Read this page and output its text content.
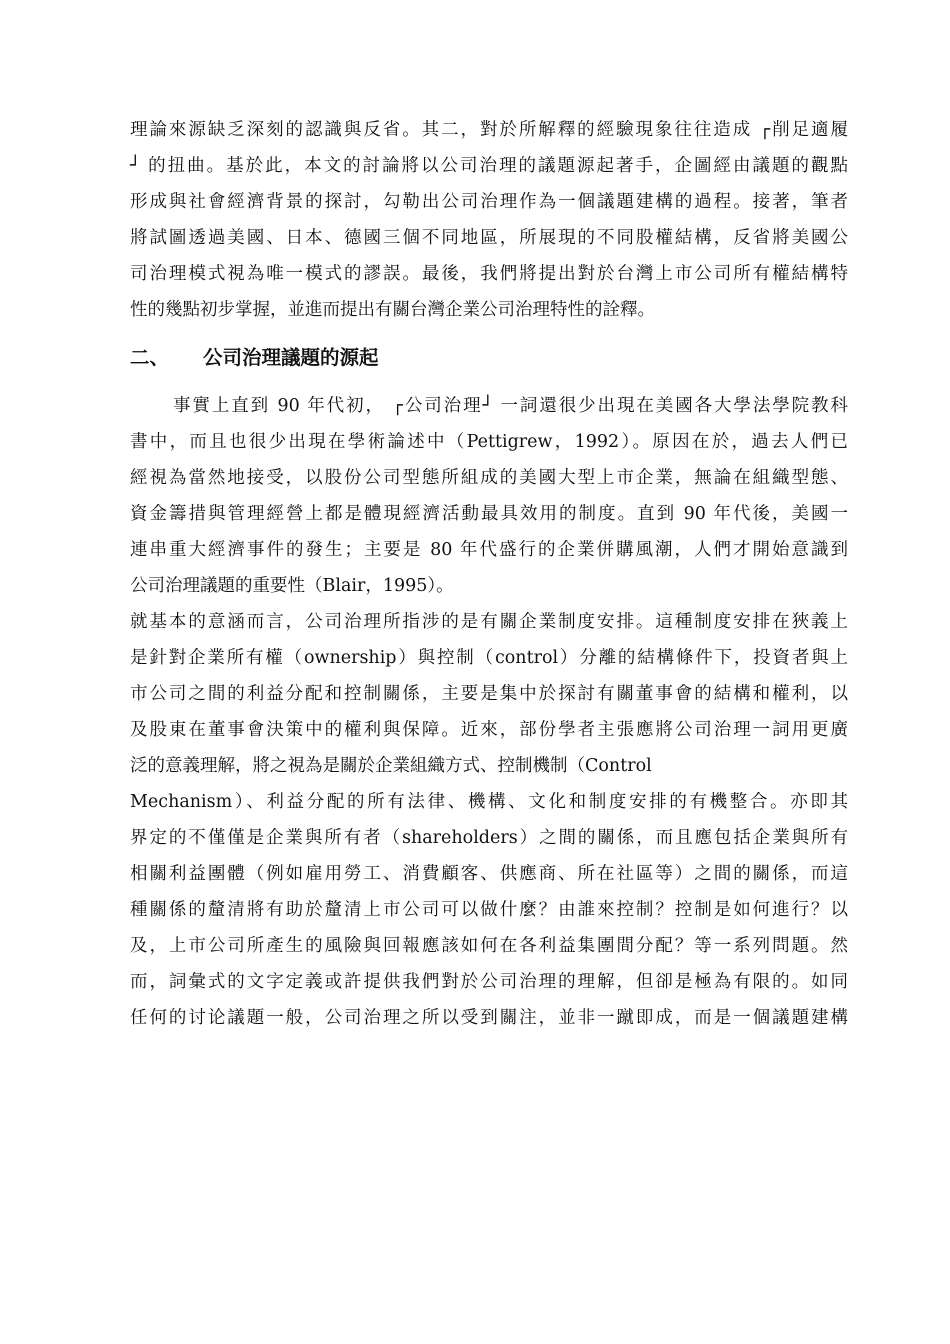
理論來源缺乏深刻的認識與反省。其二，對於所解釋的經驗現象往往造成 ┌削足適履
┘ 的扭曲。基於此，本文的討論將以公司治理的議題源起著手，企圖經由議題的觀點
形成與社會經濟背景的探討，勾勒出公司治理作為一個議題建構的過程。接著，筆者
將試圖透過美國、日本、德國三個不同地區，所展現的不同股權結構，反省將美國公
司治理模式視為唯一模式的謬誤。最後，我們將提出對於台灣上市公司所有權結構特
性的幾點初步掌握，並進而提出有關台灣企業公司治理特性的詮釋。
二、 公司治理議題的源起
事實上直到 90 年代初， ┌公司治理┘ 一詞還很少出現在美國各大學法學院教科
書中，而且也很少出現在學術論述中（Pettigrew，1992）。原因在於，過去人們已
經視為當然地接受，以股份公司型態所組成的美國大型上市企業，無論在組織型態、
資金籌措與管理經營上都是體現經濟活動最具效用的制度。直到 90 年代後，美國一
連串重大經濟事件的發生；主要是 80 年代盛行的企業併購風潮，人們才開始意識到
公司治理議題的重要性（Blair，1995）。
就基本的意涵而言，公司治理所指涉的是有關企業制度安排。這種制度安排在狹義上
是針對企業所有權（ownership）與控制（control）分離的結構條件下，投資者與上
市公司之間的利益分配和控制關係，主要是集中於探討有關董事會的結構和權利，以
及股東在董事會決策中的權利與保障。近來，部份學者主張應將公司治理一詞用更廣
泛的意義理解，將之視為是關於企業組織方式、控制機制（Control
Mechanism）、利益分配的所有法律、機構、文化和制度安排的有機整合。亦即其
界定的不僅僅是企業與所有者（shareholders）之間的關係，而且應包括企業與所有
相關利益團體（例如雇用勞工、消費顧客、供應商、所在社區等）之間的關係，而這
種關係的釐清將有助於釐清上市公司可以做什麼？由誰來控制？控制是如何進行？以
及，上市公司所產生的風險與回報應該如何在各利益集團間分配？等一系列問題。然
而，詞彙式的文字定義或許提供我們對於公司治理的理解，但卻是極為有限的。如同
任何的讨论議題一般，公司治理之所以受到關注，並非一蹴即成，而是一個議題建構
